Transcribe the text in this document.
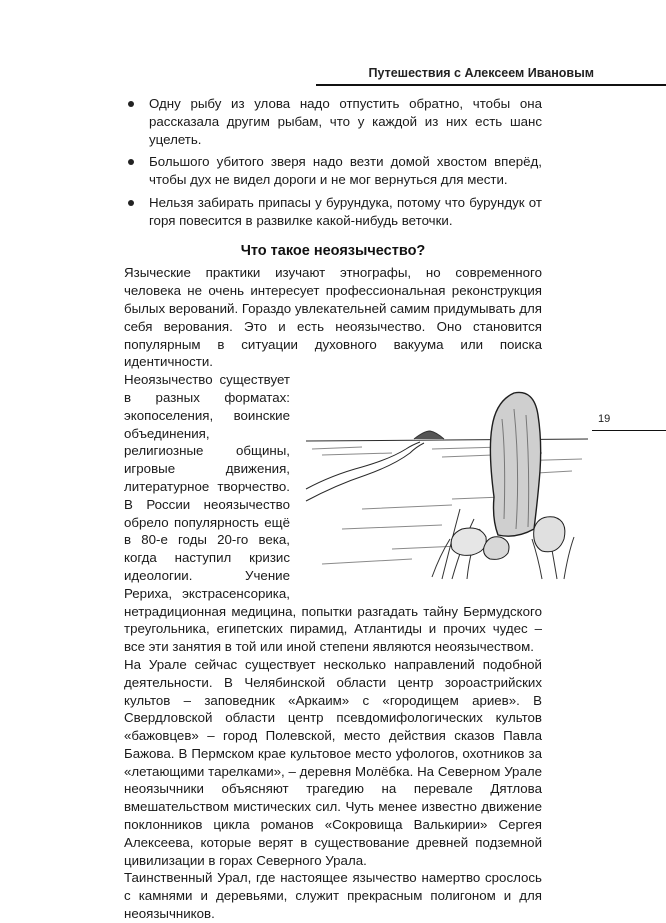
Путешествия с Алексеем Ивановым
19
Одну рыбу из улова надо отпустить обратно, чтобы она рассказала другим рыбам, что у каждой из них есть шанс уцелеть.
Большого убитого зверя надо везти домой хвостом вперёд, чтобы дух не видел дороги и не мог вернуться для мести.
Нельзя забирать припасы у бурундука, потому что бурундук от горя повесится в развилке какой-нибудь веточки.
Что такое неоязычество?

Языческие практики изучают этнографы, но современного человека не очень интересует профессиональная реконструкция былых верований. Гораздо увлекательней самим придумывать для себя верования. Это и есть неоязычество. Оно становится популярным в ситуации духовного вакуума или поиска идентичности.

Неоязычество существует в разных форматах: экопоселения, воинские объединения, религиозные общины, игровые движения, литературное творчество. В России неоязычество обрело популярность ещё в 80-е годы 20-го века, когда наступил кризис идеологии. Учение Рериха, экстрасенсорика, нетрадиционная медицина, попытки разгадать тайну Бермудского треугольника, египетских пирамид, Атлантиды и прочих чудес – все эти занятия в той или иной степени являются неоязычеством.

На Урале сейчас существует несколько направлений подобной деятельности. В Челябинской области центр зороастрийских культов – заповедник «Аркаим» с «городищем ариев». В Свердловской области центр псевдомифологических культов «бажовцев» – город Полевской, место действия сказов Павла Бажова. В Пермском крае культовое место уфологов, охотников за «летающими тарелками», – деревня Молёбка. На Северном Урале неоязычники объясняют трагедию на перевале Дятлова вмешательством мистических сил. Чуть менее известно движение поклонников цикла романов «Сокровища Валькирии» Сергея Алексеева, которые верят в существование древней подземной цивилизации в горах Северного Урала.

Таинственный Урал, где настоящее язычество намертво срослось с камнями и деревьями, служит прекрасным полигоном и для неоязычников.
